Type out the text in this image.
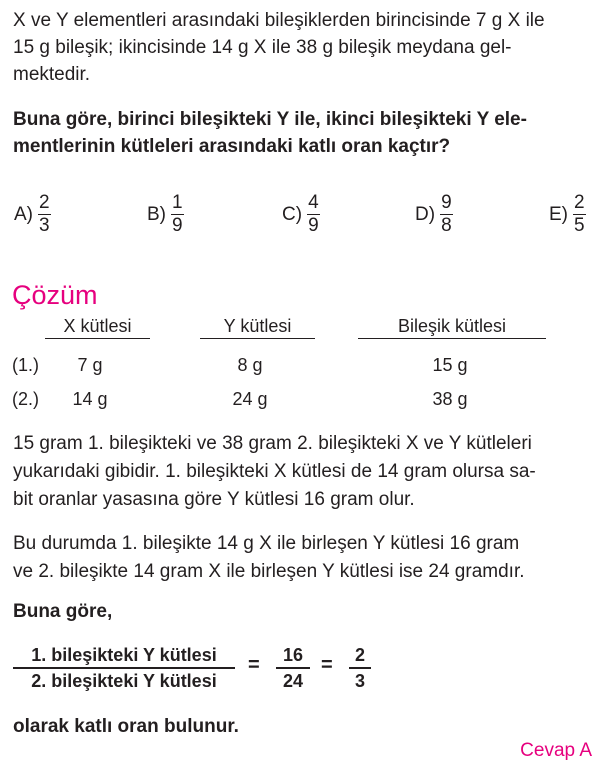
X ve Y elementleri arasındaki bileşiklerden birincisinde 7 g X ile

15 g bileşik; ikincisinde 14 g X ile 38 g bileşik meydana gel-

mektedir.

Buna göre, birinci bileşikteki Y ile, ikinci bileşikteki Y ele-

mentlerinin kütleleri arasındaki katlı oran kaçtır?

$A) \frac{2}{3}$	$B) \frac{1}{9}$	$C) \frac{4}{9}$	$D) \frac{9}{8}$	$E) \frac{2}{5}$
Çözüm
X kütlesi	Y kütlesi	Bileşik kütlesi
(1.)	7 g	8 g	15 g
(2.)	14 g	24 g	38 g

15 gram 1. bileşikteki ve 38 gram 2. bileşikteki X ve Y kütleleri

yukarıdaki gibidir. 1. bileşikteki X kütlesi de 14 gram olursa sa-

bit oranlar yasasına göre Y kütlesi 16 gram olur.

Bu durumda 1. bileşikte 14 g X ile birleşen Y kütlesi 16 gram

ve 2. bileşikte 14 gram X ile birleşen Y kütlesi ise 24 gramdır.

Buna göre,

1. bileşikteki Y kütlesi
2. bileşikteki Y kütlesi
= $\frac{16}{24} = \frac{2}{3}$

olarak katlı oran bulunur.

Cevap A
